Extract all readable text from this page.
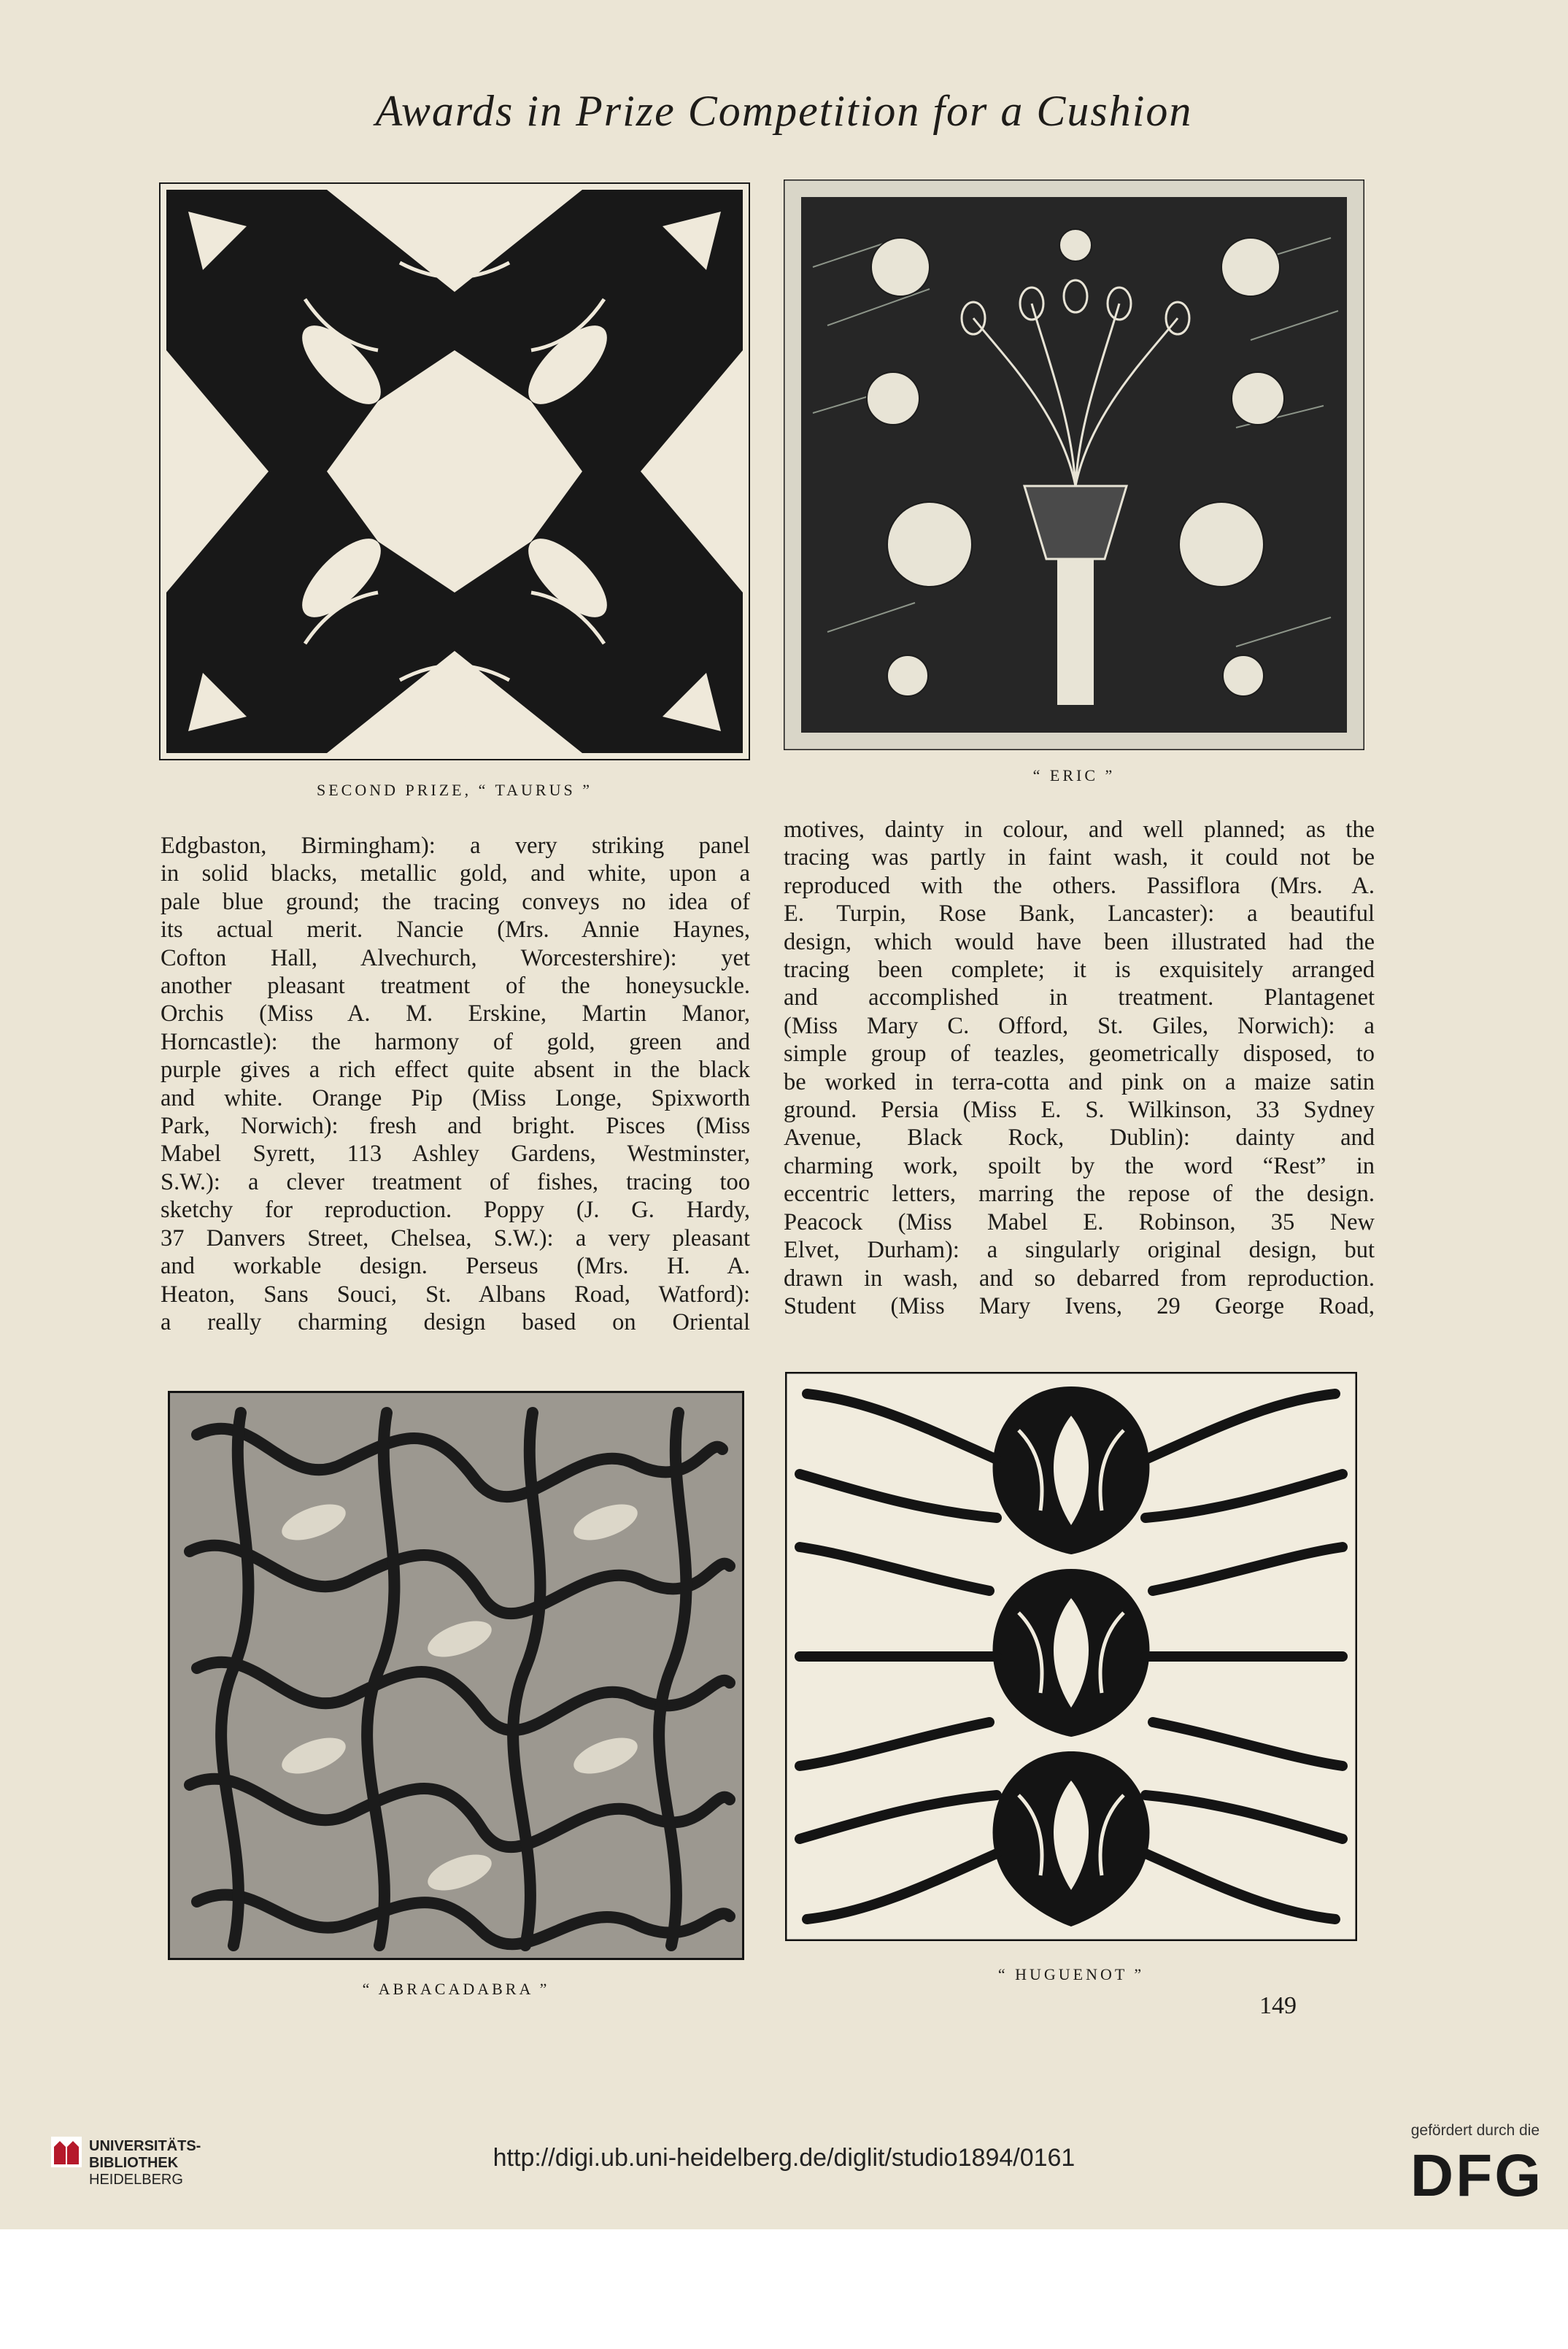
Awards in Prize Competition for a Cushion
SECOND PRIZE, “ TAURUS ”
“ ERIC ”
Edgbaston, Birmingham): a very striking panel
in solid blacks, metallic gold, and white, upon a
pale blue ground; the tracing conveys no idea of
its actual merit. Nancie (Mrs. Annie Haynes,
Cofton Hall, Alvechurch, Worcestershire): yet
another pleasant treatment of the honeysuckle.
Orchis (Miss A. M. Erskine, Martin Manor,
Horncastle): the harmony of gold, green and
purple gives a rich effect quite absent in the black
and white. Orange Pip (Miss Longe, Spixworth
Park, Norwich): fresh and bright. Pisces (Miss
Mabel Syrett, 113 Ashley Gardens, Westminster,
S.W.): a clever treatment of fishes, tracing too
sketchy for reproduction. Poppy (J. G. Hardy,
37 Danvers Street, Chelsea, S.W.): a very pleasant
and workable design. Perseus (Mrs. H. A.
Heaton, Sans Souci, St. Albans Road, Watford):
a really charming design based on Oriental
motives, dainty in colour, and well planned; as the
tracing was partly in faint wash, it could not be
reproduced with the others. Passiflora (Mrs. A.
E. Turpin, Rose Bank, Lancaster): a beautiful
design, which would have been illustrated had the
tracing been complete; it is exquisitely arranged
and accomplished in treatment. Plantagenet
(Miss Mary C. Offord, St. Giles, Norwich): a
simple group of teazles, geometrically disposed, to
be worked in terra-cotta and pink on a maize satin
ground. Persia (Miss E. S. Wilkinson, 33 Sydney
Avenue, Black Rock, Dublin): dainty and
charming work, spoilt by the word “Rest” in
eccentric letters, marring the repose of the design.
Peacock (Miss Mabel E. Robinson, 35 New
Elvet, Durham): a singularly original design, but
drawn in wash, and so debarred from reproduction.
Student (Miss Mary Ivens, 29 George Road,
“ ABRACADABRA ”
“ HUGUENOT ”
149
UNIVERSITÄTS-
BIBLIOTHEK
HEIDELBERG
http://digi.ub.uni-heidelberg.de/diglit/studio1894/0161
gefördert durch die
DFG
